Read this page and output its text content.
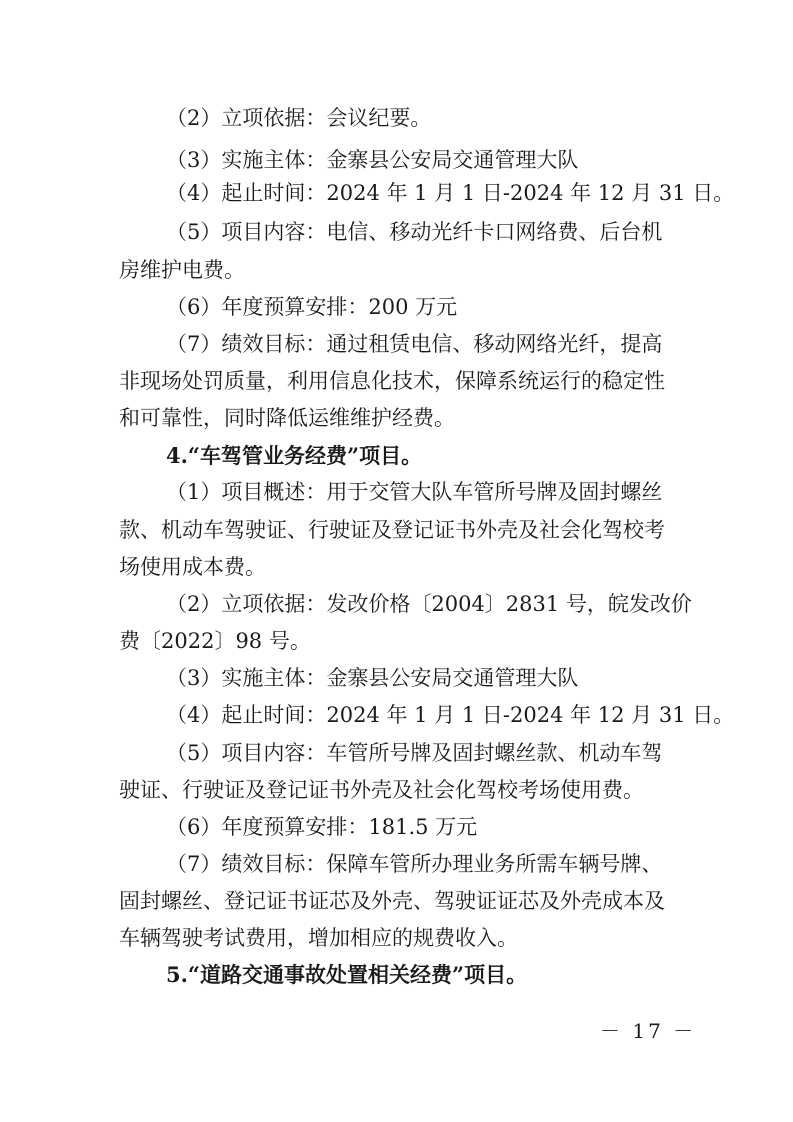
（2）立项依据：会议纪要。
（3）实施主体：金寨县公安局交通管理大队
（4）起止时间：2024 年 1 月 1 日-2024 年 12 月 31 日。
（5）项目内容：电信、移动光纤卡口网络费、后台机
房维护电费。
（6）年度预算安排：200 万元
（7）绩效目标：通过租赁电信、移动网络光纤，提高
非现场处罚质量，利用信息化技术，保障系统运行的稳定性
和可靠性，同时降低运维维护经费。
4.“车驾管业务经费”项目。
（1）项目概述：用于交管大队车管所号牌及固封螺丝
款、机动车驾驶证、行驶证及登记证书外壳及社会化驾校考
场使用成本费。
（2）立项依据：发改价格〔2004〕2831 号，皖发改价
费〔2022〕98 号。
（3）实施主体：金寨县公安局交通管理大队
（4）起止时间：2024 年 1 月 1 日-2024 年 12 月 31 日。
（5）项目内容：车管所号牌及固封螺丝款、机动车驾
驶证、行驶证及登记证书外壳及社会化驾校考场使用费。
（6）年度预算安排：181.5 万元
（7）绩效目标：保障车管所办理业务所需车辆号牌、
固封螺丝、登记证书证芯及外壳、驾驶证证芯及外壳成本及
车辆驾驶考试费用，增加相应的规费收入。
5.“道路交通事故处置相关经费”项目。
－ 17 －
